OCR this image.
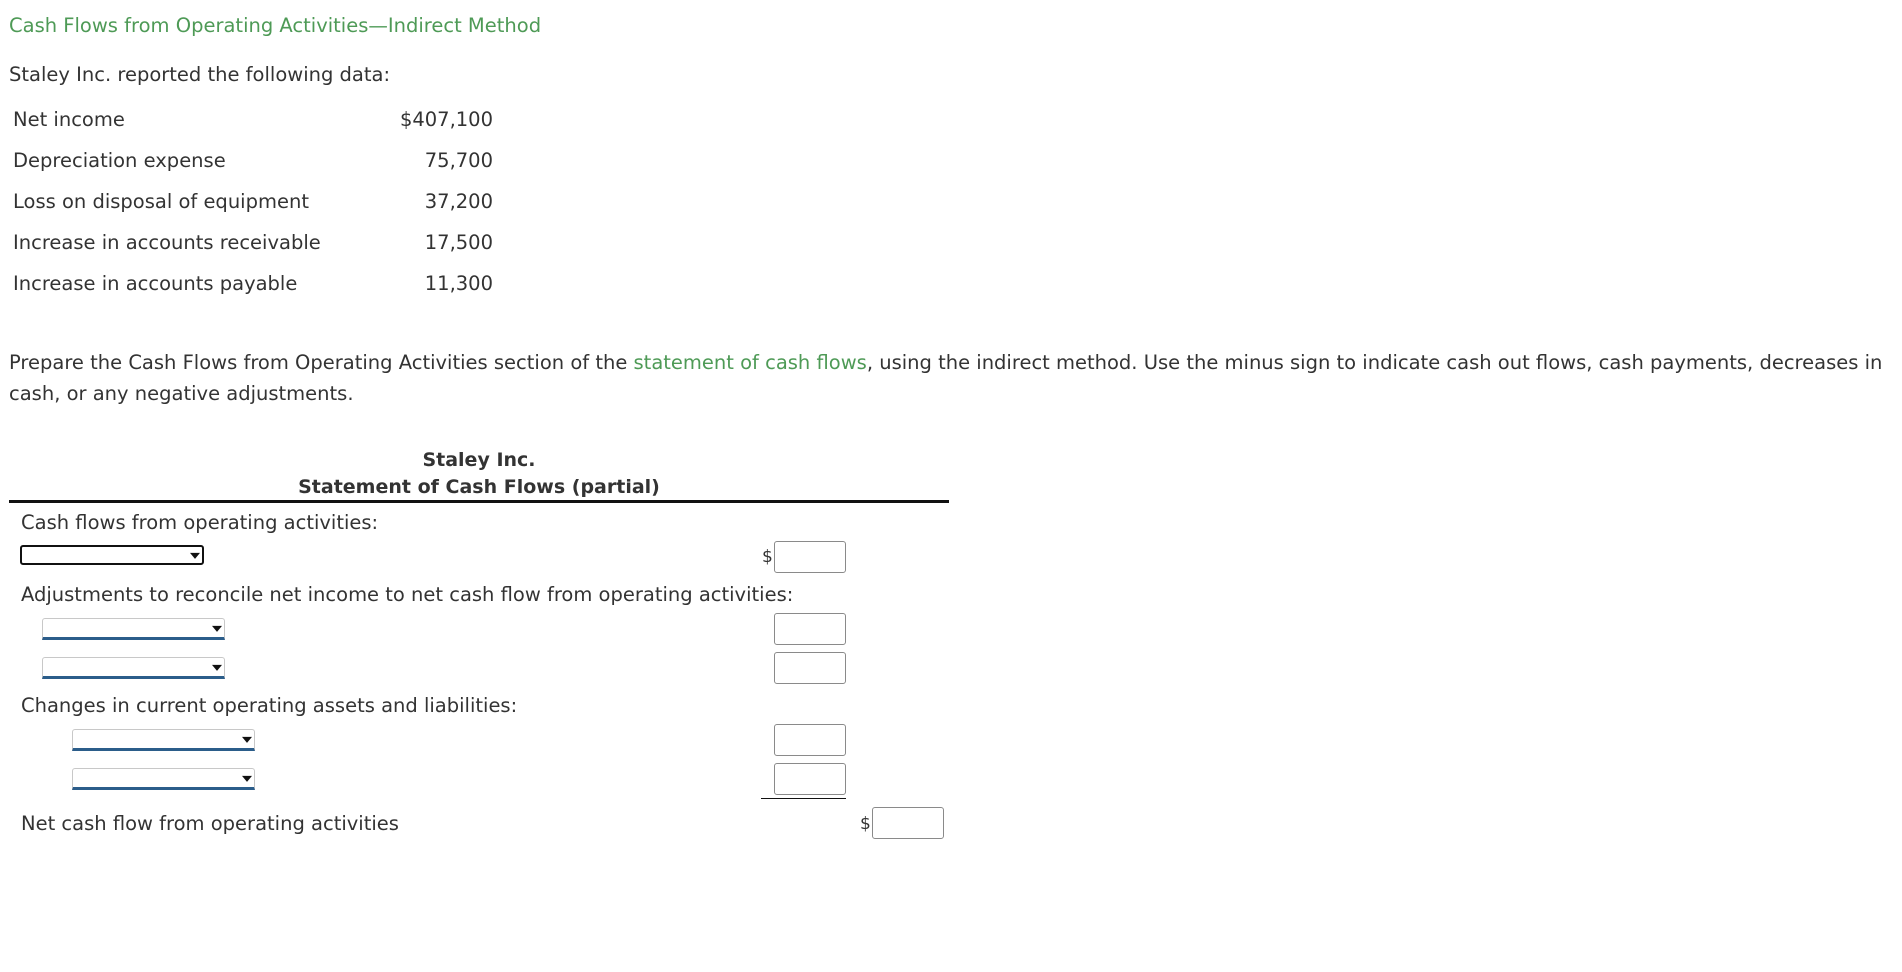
Cash Flows from Operating Activities—Indirect Method
Staley Inc. reported the following data:
Net income	$407,100
Depreciation expense	75,700
Loss on disposal of equipment	37,200
Increase in accounts receivable	17,500
Increase in accounts payable	11,300
Prepare the Cash Flows from Operating Activities section of the statement of cash flows, using the indirect method. Use the minus sign to indicate cash out flows, cash payments, decreases in cash, or any negative adjustments.
Staley Inc.
Statement of Cash Flows (partial)
Cash flows from operating activities:
$
Adjustments to reconcile net income to net cash flow from operating activities:
Changes in current operating assets and liabilities:
Net cash flow from operating activities	$
